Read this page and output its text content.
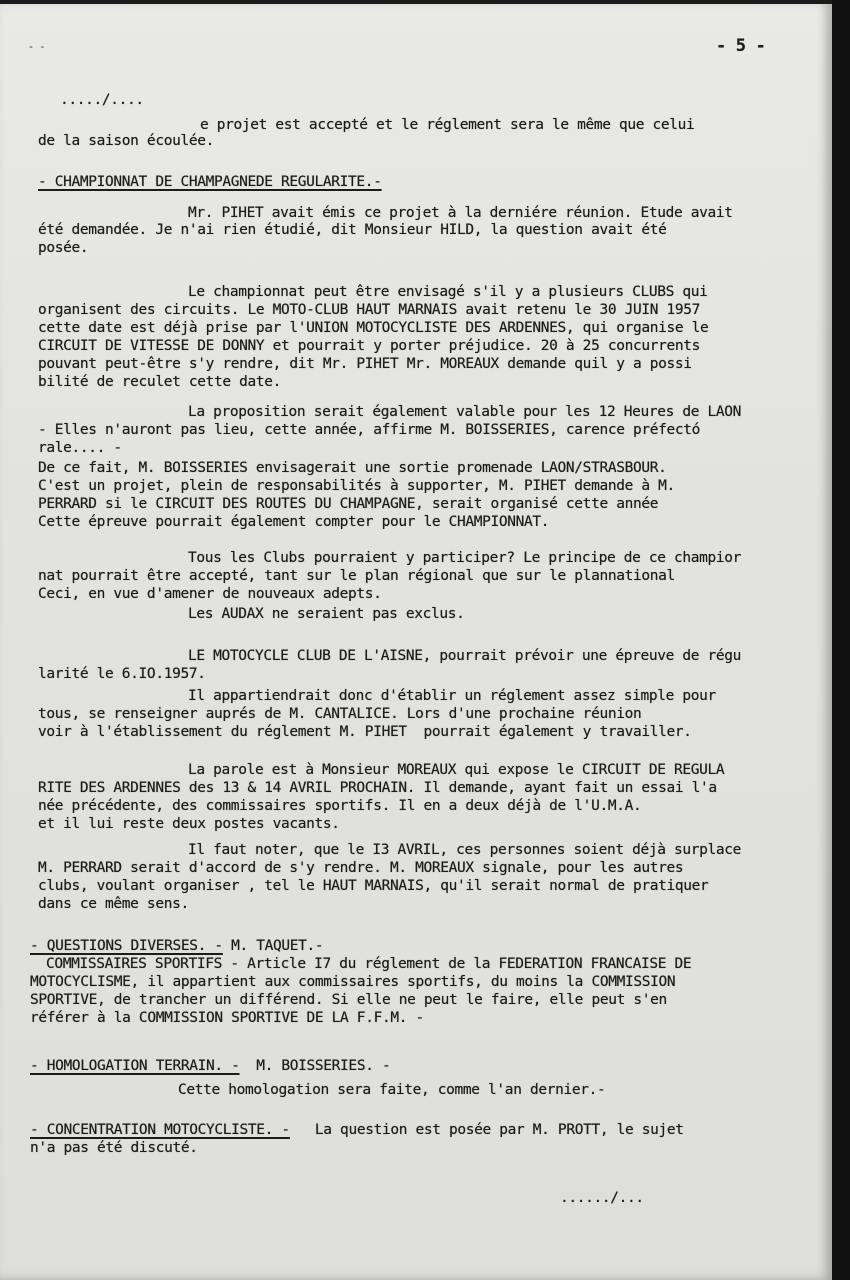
- -	- 5 -
...../....
e projet est accepté et le réglement sera le même que celui
de la saison écoulée.
- CHAMPIONNAT DE CHAMPAGNEDE REGULARITE.-
Mr. PIHET avait émis ce projet à la derniére réunion. Etude avait
été demandée. Je n'ai rien étudié, dit Monsieur HILD, la question avait été
posée.
Le championnat peut être envisagé s'il y a plusieurs CLUBS qui
organisent des circuits. Le MOTO-CLUB HAUT MARNAIS avait retenu le 30 JUIN 1957
cette date est déjà prise par l'UNION MOTOCYCLISTE DES ARDENNES, qui organise le
CIRCUIT DE VITESSE DE DONNY et pourrait y porter préjudice. 20 à 25 concurrents
pouvant peut-être s'y rendre, dit Mr. PIHET Mr. MOREAUX demande quil y a possi
bilité de reculet cette date.
La proposition serait également valable pour les 12 Heures de LAON
- Elles n'auront pas lieu, cette année, affirme M. BOISSERIES, carence préfectó
rale.... -
De ce fait, M. BOISSERIES envisagerait une sortie promenade LAON/STRASBOUR.
C'est un projet, plein de responsabilités à supporter, M. PIHET demande à M.
PERRARD si le CIRCUIT DES ROUTES DU CHAMPAGNE, serait organisé cette année
Cette épreuve pourrait également compter pour le CHAMPIONNAT.
Tous les Clubs pourraient y participer? Le principe de ce champior
nat pourrait être accepté, tant sur le plan régional que sur le plannational
Ceci, en vue d'amener de nouveaux adepts.
Les AUDAX ne seraient pas exclus.
LE MOTOCYCLE CLUB DE L'AISNE, pourrait prévoir une épreuve de régu
larité le 6.IO.1957.
Il appartiendrait donc d'établir un réglement assez simple pour
tous, se renseigner auprés de M. CANTALICE. Lors d'une prochaine réunion
voir à l'établissement du réglement M. PIHET  pourrait également y travailler.
La parole est à Monsieur MOREAUX qui expose le CIRCUIT DE REGULA
RITE DES ARDENNES des 13 & 14 AVRIL PROCHAIN. Il demande, ayant fait un essai l'a
née précédente, des commissaires sportifs. Il en a deux déjà de l'U.M.A.
et il lui reste deux postes vacants.
Il faut noter, que le I3 AVRIL, ces personnes soient déjà surplace
M. PERRARD serait d'accord de s'y rendre. M. MOREAUX signale, pour les autres
clubs, voulant organiser , tel le HAUT MARNAIS, qu'il serait normal de pratiquer
dans ce même sens.
- QUESTIONS DIVERSES. - M. TAQUET.-
COMMISSAIRES SPORTIFS - Article I7 du réglement de la FEDERATION FRANCAISE DE
MOTOCYCLISME, il appartient aux commissaires sportifs, du moins la COMMISSION
SPORTIVE, de trancher un différend. Si elle ne peut le faire, elle peut s'en
référer à la COMMISSION SPORTIVE DE LA F.F.M. -
- HOMOLOGATION TERRAIN. -  M. BOISSERIES. -
Cette homologation sera faite, comme l'an dernier.-
- CONCENTRATION MOTOCYCLISTE. -   La question est posée par M. PROTT, le sujet
n'a pas été discuté.
....../...
